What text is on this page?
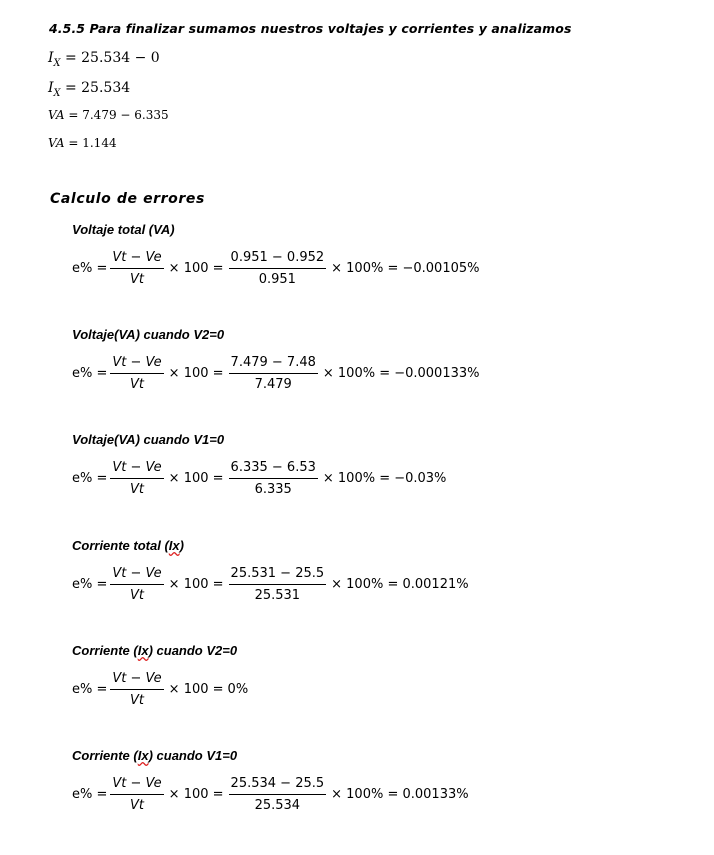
4.5.5 Para finalizar sumamos nuestros voltajes y corrientes y analizamos
$I_X = 25.534 - 0$
$I_X = 25.534$
VA = 7.479 − 6.335
VA = 1.144
Calculo de errores

Voltaje total (VA)

$e\% = \frac{Vt - Ve}{Vt} \times 100 = \frac{0.951 - 0.952}{0.951} \times 100\% = -0.00105\%$

Voltaje(VA) cuando V2=0

$e\% = \frac{Vt - Ve}{Vt} \times 100 = \frac{7.479 - 7.48}{7.479} \times 100\% = -0.000133\%$

Voltaje(VA) cuando V1=0

$e\% = \frac{Vt - Ve}{Vt} \times 100 = \frac{6.335 - 6.53}{6.335} \times 100\% = -0.03\%$

Corriente total (Ix)

$e\% = \frac{Vt - Ve}{Vt} \times 100 = \frac{25.531 - 25.5}{25.531} \times 100\% = 0.00121\%$

Corriente (Ix) cuando V2=0

$e\% = \frac{Vt - Ve}{Vt} \times 100 = 0\%$

Corriente (Ix) cuando V1=0

$e\% = \frac{Vt - Ve}{Vt} \times 100 = \frac{25.534 - 25.5}{25.534} \times 100\% = 0.00133\%$
